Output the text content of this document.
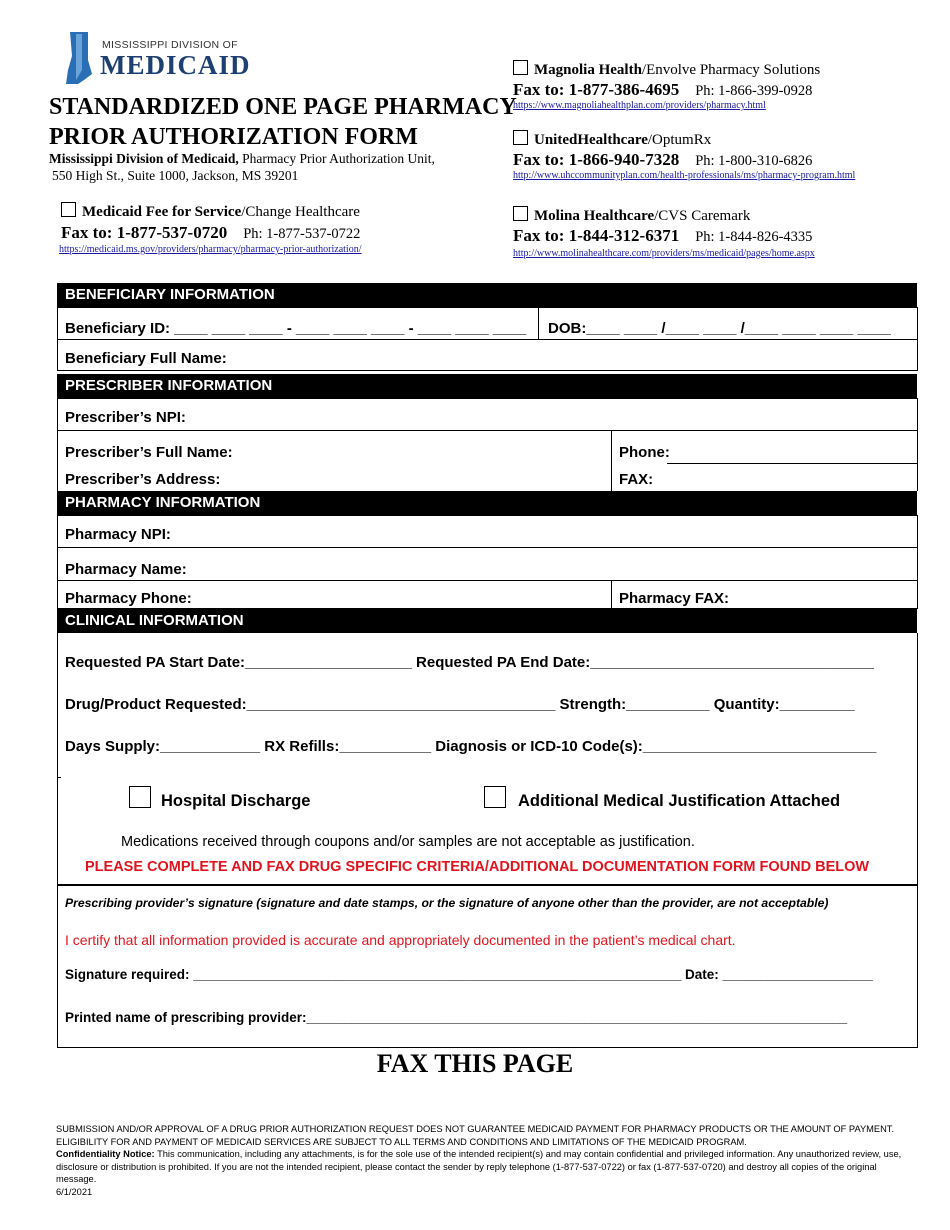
MISSISSIPPI DIVISION OF
MEDICAID
STANDARDIZED ONE PAGE PHARMACY
PRIOR AUTHORIZATION FORM
Mississippi Division of Medicaid, Pharmacy Prior Authorization Unit,
550 High St., Suite 1000, Jackson, MS 39201
Medicaid Fee for Service/Change Healthcare
Fax to: 1-877-537-0720 Ph: 1-877-537-0722
https://medicaid.ms.gov/providers/pharmacy/pharmacy-prior-authorization/
Magnolia Health/Envolve Pharmacy Solutions
Fax to: 1-877-386-4695 Ph: 1-866-399-0928
https://www.magnoliahealthplan.com/providers/pharmacy.html
UnitedHealthcare/OptumRx
Fax to: 1-866-940-7328 Ph: 1-800-310-6826
http://www.uhccommunityplan.com/health-professionals/ms/pharmacy-program.html
Molina Healthcare/CVS Caremark
Fax to: 1-844-312-6371 Ph: 1-844-826-4335
http://www.molinahealthcare.com/providers/ms/medicaid/pages/home.aspx
BENEFICIARY INFORMATION
Beneficiary ID: ____ ____ ____ - ____ ____ ____ - ____ ____ ____ DOB:____ ____ /____ ____ /____ ____ ____ ____
Beneficiary Full Name:
PRESCRIBER INFORMATION
Prescriber’s NPI:
Prescriber’s Full Name:	Phone:
Prescriber’s Address:	FAX:
PHARMACY INFORMATION
Pharmacy NPI:
Pharmacy Name:
Pharmacy Phone:	Pharmacy FAX:
CLINICAL INFORMATION
Requested PA Start Date:____________________ Requested PA End Date:__________________________________
Drug/Product Requested:_____________________________________ Strength:__________ Quantity:_________
Days Supply:____________ RX Refills:___________ Diagnosis or ICD-10 Code(s):____________________________
Hospital Discharge	Additional Medical Justification Attached
Medications received through coupons and/or samples are not acceptable as justification.
PLEASE COMPLETE AND FAX DRUG SPECIFIC CRITERIA/ADDITIONAL DOCUMENTATION FORM FOUND BELOW
Prescribing provider’s signature (signature and date stamps, or the signature of anyone other than the provider, are not acceptable)
I certify that all information provided is accurate and appropriately documented in the patient’s medical chart.
Signature required: _________________________________________________________________ Date: ____________________
Printed name of prescribing provider:________________________________________________________________________
FAX THIS PAGE
SUBMISSION AND/OR APPROVAL OF A DRUG PRIOR AUTHORIZATION REQUEST DOES NOT GUARANTEE MEDICAID PAYMENT FOR PHARMACY PRODUCTS OR THE AMOUNT OF PAYMENT.
ELIGIBILITY FOR AND PAYMENT OF MEDICAID SERVICES ARE SUBJECT TO ALL TERMS AND CONDITIONS AND LIMITATIONS OF THE MEDICAID PROGRAM.
Confidentiality Notice: This communication, including any attachments, is for the sole use of the intended recipient(s) and may contain confidential and privileged information. Any unauthorized review, use, disclosure or distribution is prohibited. If you are not the intended recipient, please contact the sender by reply telephone (1-877-537-0722) or fax (1-877-537-0720) and destroy all copies of the original message.
6/1/2021
